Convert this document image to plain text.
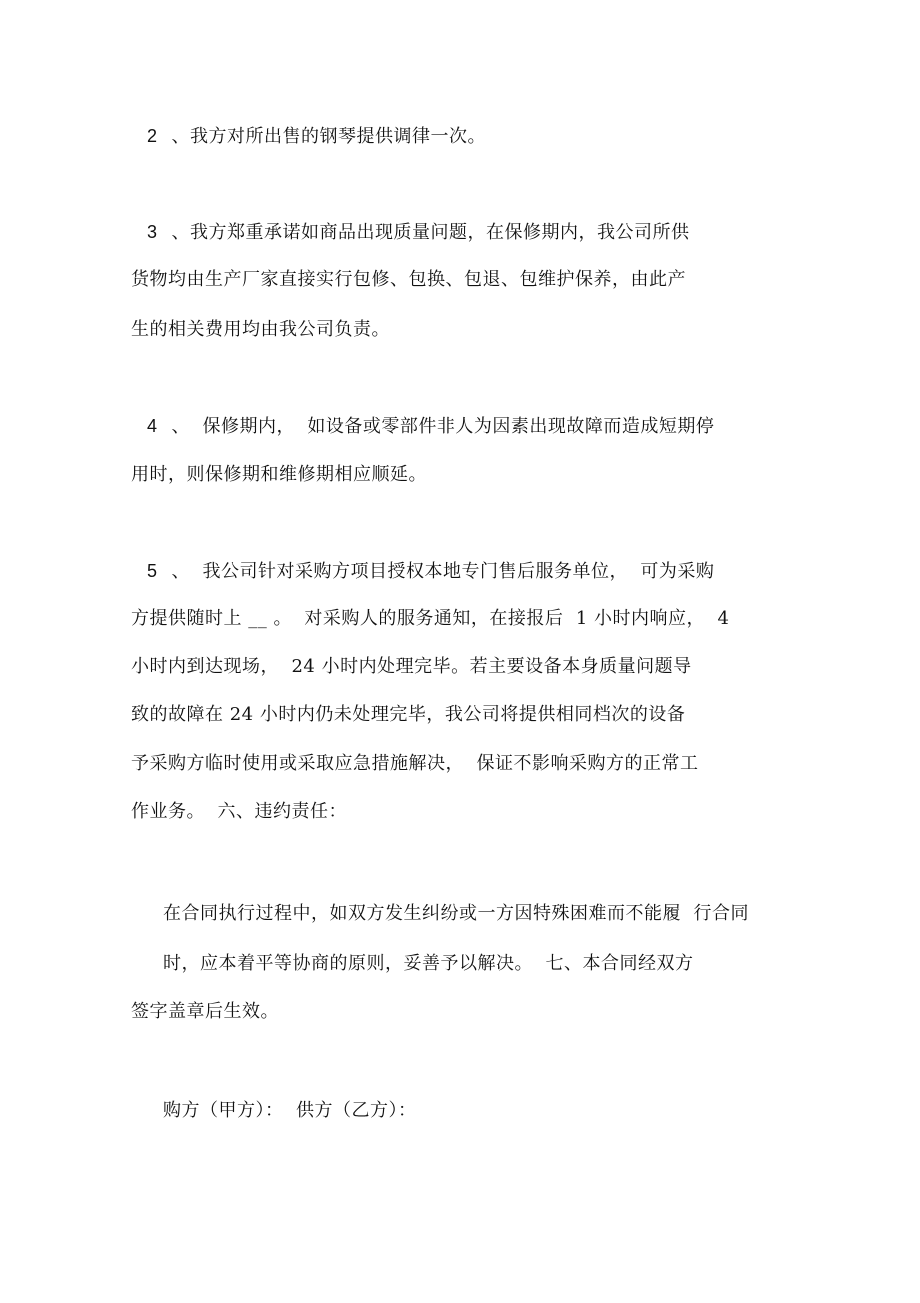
2 、我方对所出售的钢琴提供调律一次。
3 、我方郑重承诺如商品出现质量问题，在保修期内，我公司所供
货物均由生产厂家直接实行包修、包换、包退、包维护保养，由此产
生的相关费用均由我公司负责。
4 、  保修期内，  如设备或零部件非人为因素出现故障而造成短期停
用时，则保修期和维修期相应顺延。
5 、  我公司针对采购方项目授权本地专门售后服务单位，  可为采购
方提供随时上 __ 。  对采购人的服务通知，在接报后  1 小时内响应，  4
小时内到达现场，  24 小时内处理完毕。若主要设备本身质量问题导
致的故障在 24 小时内仍未处理完毕，我公司将提供相同档次的设备
予采购方临时使用或采取应急措施解决，  保证不影响采购方的正常工
作业务。  六、违约责任：
在合同执行过程中，如双方发生纠纷或一方因特殊困难而不能履  行合同
时，应本着平等协商的原则，妥善予以解决。  七、本合同经双方
签字盖章后生效。
购方（甲方）：  供方（乙方）：
